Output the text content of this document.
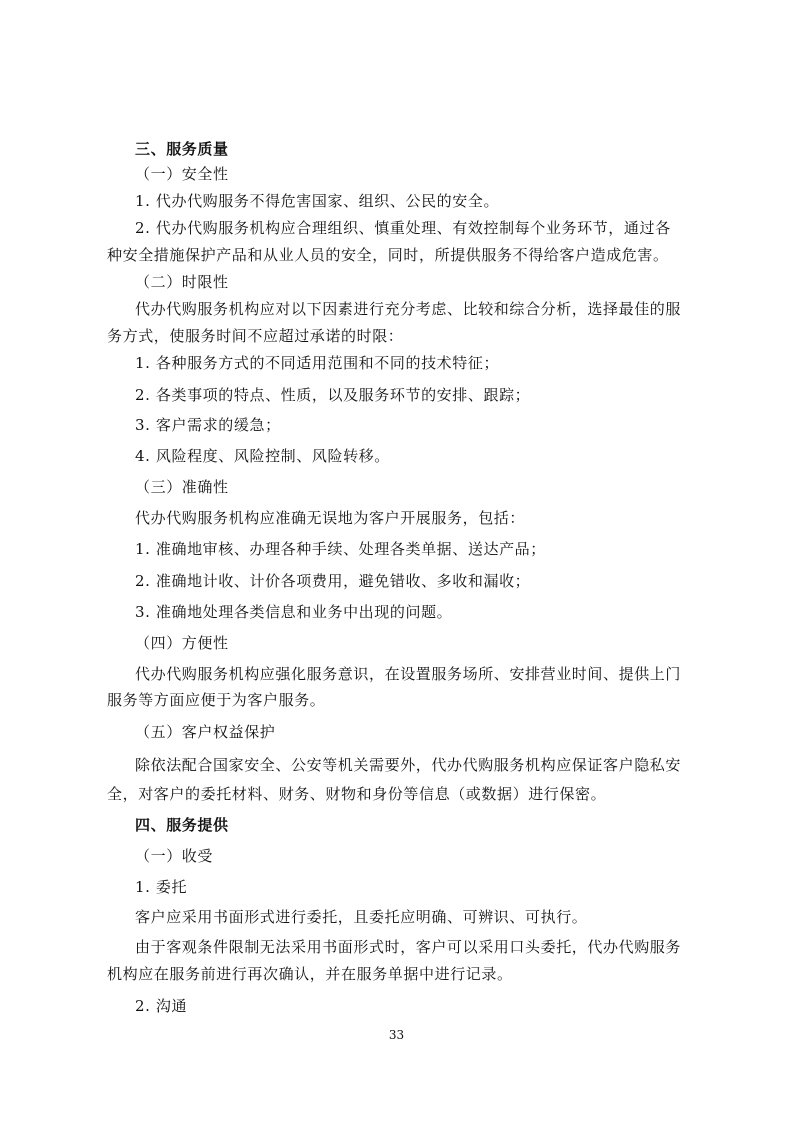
三、服务质量
（一）安全性
1. 代办代购服务不得危害国家、组织、公民的安全。
2. 代办代购服务机构应合理组织、慎重处理、有效控制每个业务环节，通过各
种安全措施保护产品和从业人员的安全，同时，所提供服务不得给客户造成危害。
（二）时限性
代办代购服务机构应对以下因素进行充分考虑、比较和综合分析，选择最佳的服
务方式，使服务时间不应超过承诺的时限：
1. 各种服务方式的不同适用范围和不同的技术特征；
2. 各类事项的特点、性质，以及服务环节的安排、跟踪；
3. 客户需求的缓急；
4. 风险程度、风险控制、风险转移。
（三）准确性
代办代购服务机构应准确无误地为客户开展服务，包括：
1. 准确地审核、办理各种手续、处理各类单据、送达产品；
2. 准确地计收、计价各项费用，避免错收、多收和漏收；
3. 准确地处理各类信息和业务中出现的问题。
（四）方便性
代办代购服务机构应强化服务意识，在设置服务场所、安排营业时间、提供上门
服务等方面应便于为客户服务。
（五）客户权益保护
除依法配合国家安全、公安等机关需要外，代办代购服务机构应保证客户隐私安
全，对客户的委托材料、财务、财物和身份等信息（或数据）进行保密。
四、服务提供
（一）收受
1. 委托
客户应采用书面形式进行委托，且委托应明确、可辨识、可执行。
由于客观条件限制无法采用书面形式时，客户可以采用口头委托，代办代购服务
机构应在服务前进行再次确认，并在服务单据中进行记录。
2. 沟通
33
